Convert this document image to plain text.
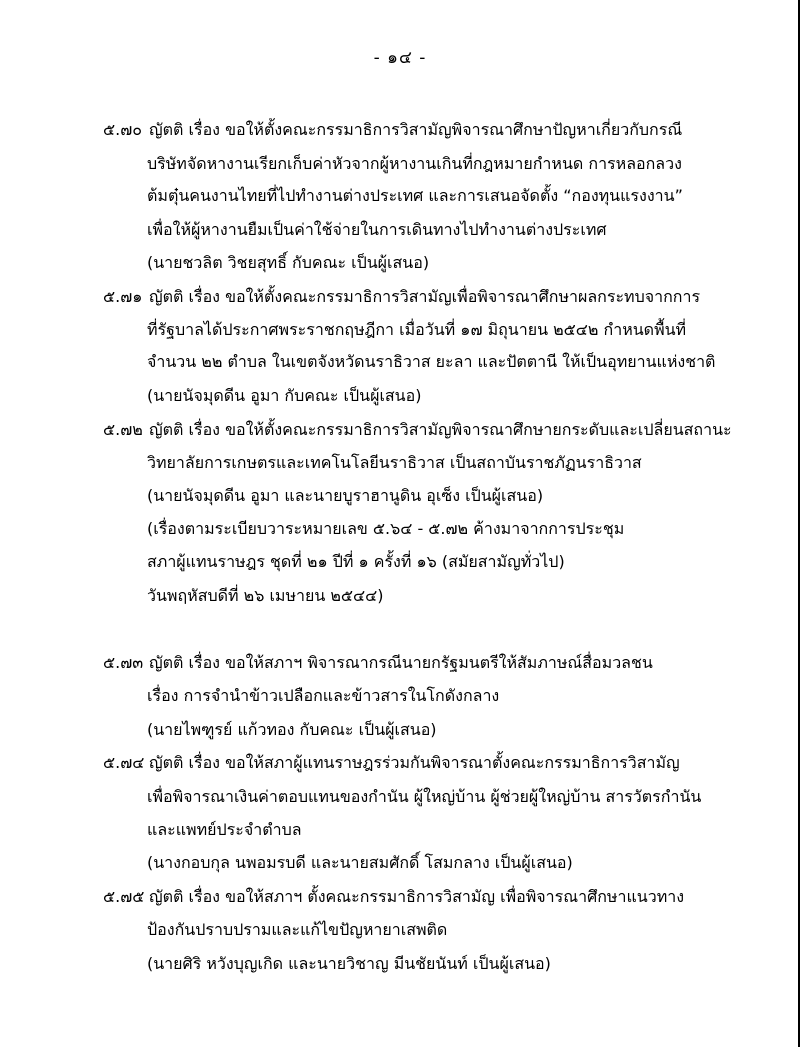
- ๑๔ -
๕.๗๐ ญัตติ เรื่อง ขอให้ตั้งคณะกรรมาธิการวิสามัญพิจารณาศึกษาปัญหาเกี่ยวกับกรณี
บริษัทจัดหางานเรียกเก็บค่าหัวจากผู้หางานเกินที่กฎหมายกำหนด การหลอกลวง
ต้มตุ๋นคนงานไทยที่ไปทำงานต่างประเทศ และการเสนอจัดตั้ง “กองทุนแรงงาน”
เพื่อให้ผู้หางานยืมเป็นค่าใช้จ่ายในการเดินทางไปทำงานต่างประเทศ
(นายชวลิต วิชยสุทธิ์ กับคณะ เป็นผู้เสนอ)
๕.๗๑ ญัตติ เรื่อง ขอให้ตั้งคณะกรรมาธิการวิสามัญเพื่อพิจารณาศึกษาผลกระทบจากการ
ที่รัฐบาลได้ประกาศพระราชกฤษฎีกา เมื่อวันที่ ๑๗ มิถุนายน ๒๕๔๒ กำหนดพื้นที่
จำนวน ๒๒ ตำบล ในเขตจังหวัดนราธิวาส ยะลา และปัตตานี ให้เป็นอุทยานแห่งชาติ
(นายนัจมุดดีน อูมา กับคณะ เป็นผู้เสนอ)
๕.๗๒ ญัตติ เรื่อง ขอให้ตั้งคณะกรรมาธิการวิสามัญพิจารณาศึกษายกระดับและเปลี่ยนสถานะ
วิทยาลัยการเกษตรและเทคโนโลยีนราธิวาส เป็นสถาบันราชภัฏนราธิวาส
(นายนัจมุดดีน อูมา และนายบูราฮานูดิน อุเซ็ง เป็นผู้เสนอ)
(เรื่องตามระเบียบวาระหมายเลข ๕.๖๔ - ๕.๗๒ ค้างมาจากการประชุม
สภาผู้แทนราษฎร ชุดที่ ๒๑ ปีที่ ๑ ครั้งที่ ๑๖ (สมัยสามัญทั่วไป)
วันพฤหัสบดีที่ ๒๖ เมษายน ๒๕๔๔)
๕.๗๓ ญัตติ เรื่อง ขอให้สภาฯ พิจารณากรณีนายกรัฐมนตรีให้สัมภาษณ์สื่อมวลชน
เรื่อง การจำนำข้าวเปลือกและข้าวสารในโกดังกลาง
(นายไพฑูรย์ แก้วทอง กับคณะ เป็นผู้เสนอ)
๕.๗๔ ญัตติ เรื่อง ขอให้สภาผู้แทนราษฎรร่วมกันพิจารณาตั้งคณะกรรมาธิการวิสามัญ
เพื่อพิจารณาเงินค่าตอบแทนของกำนัน ผู้ใหญ่บ้าน ผู้ช่วยผู้ใหญ่บ้าน สารวัตรกำนัน
และแพทย์ประจำตำบล
(นางกอบกุล นพอมรบดี และนายสมศักดิ์ โสมกลาง เป็นผู้เสนอ)
๕.๗๕ ญัตติ เรื่อง ขอให้สภาฯ ตั้งคณะกรรมาธิการวิสามัญ เพื่อพิจารณาศึกษาแนวทาง
ป้องกันปราบปรามและแก้ไขปัญหายาเสพติด
(นายศิริ หวังบุญเกิด และนายวิชาญ มีนชัยนันท์ เป็นผู้เสนอ)
